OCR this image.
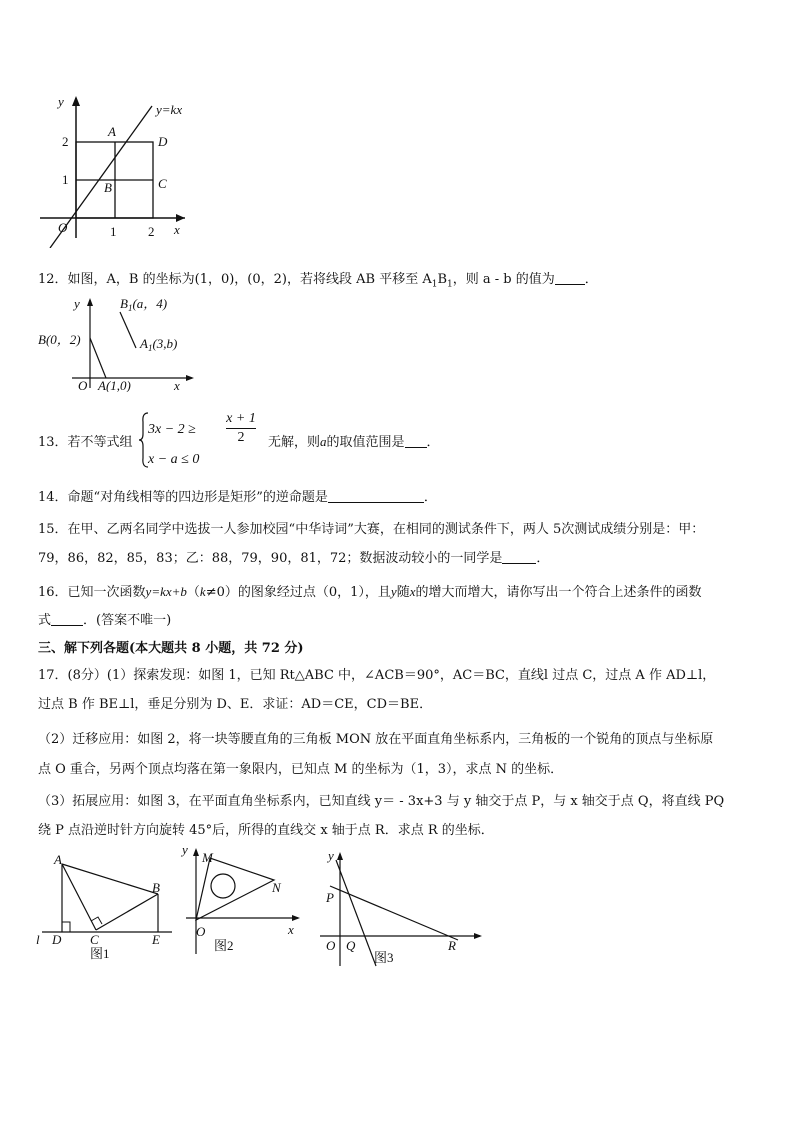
y
x
y=kx
A
B	C
D
O
1
2
1 2
12．如图，A，B 的坐标为(1，0)，(0，2)，若将线段 AB 平移至 $A_1B_1$，则 a - b 的值为 ．
y
x
O
B(0，2)
A(1,0)
$B_1(a$，4)
$A_1(3,b)$
13．若不等式组
$3x - 2 \ge \frac{x + 1}{2}$
x − a ≤ 0
无解，则a的取值范围是 ．
14．命题“对角线相等的四边形是矩形”的逆命题是	．
15．在甲、乙两名同学中选拔一人参加校园“中华诗词”大赛，在相同的测试条件下，两人 5次测试成绩分别是：甲：
79，86，82，85，83；乙：88，79，90，81，72；数据波动较小的一同学是	．
16．已知一次函数y=kx+b（k≠0）的图象经过点（0，1），且y随x的增大而增大，请你写出一个符合上述条件的函数
式 ．(答案不唯一)
三、解下列各题(本大题共 8 小题，共 72 分)
17．(8分）(1）探索发现：如图 1，已知 Rt△ABC 中，∠ACB＝90°，AC＝BC，直线l 过点 C，过点 A 作 AD⊥l，
过点 B 作 BE⊥l，垂足分别为 D、E．求证：AD＝CE，CD＝BE．
（2）迁移应用：如图 2，将一块等腰直角的三角板 MON 放在平面直角坐标系内，三角板的一个锐角的顶点与坐标原
点 O 重合，另两个顶点均落在第一象限内，已知点 M 的坐标为（1，3），求点 N 的坐标．
（3）拓展应用：如图 3，在平面直角坐标系内，已知直线 y＝ - 3x+3 与 y 轴交于点 P，与 x 轴交于点 Q，将直线 PQ
绕 P 点沿逆时针方向旋转 45°后，所得的直线交 x 轴于点 R．求点 R 的坐标．
A
B
C
D	E
l
图1
y
x
M
N
O
图2
y
P
O Q	R
图3
